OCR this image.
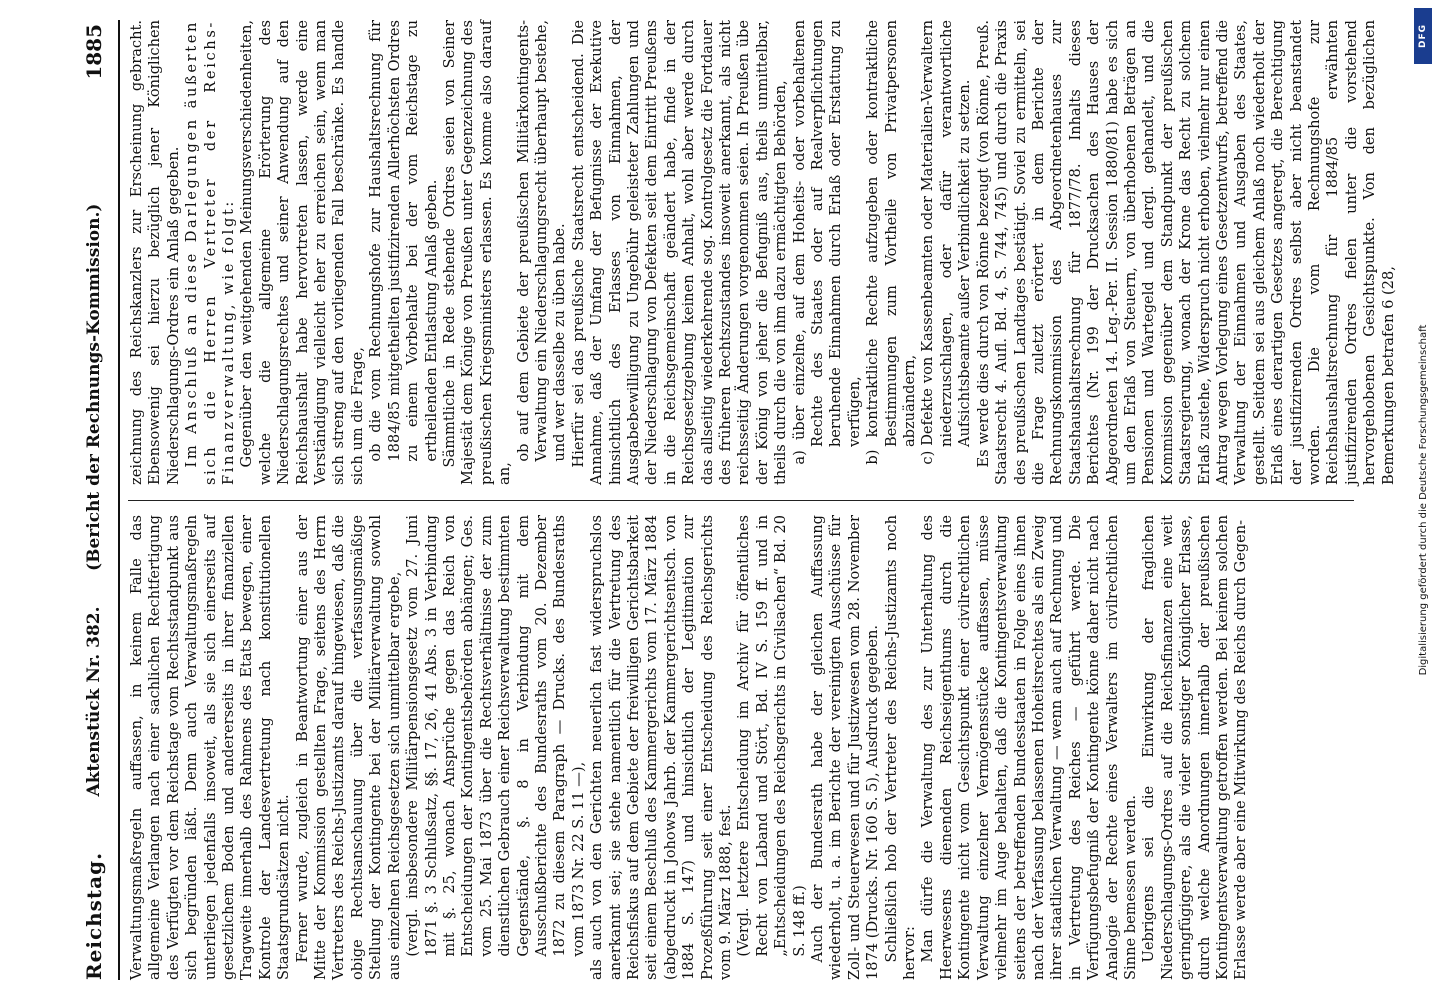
Reichstag.
Aktenstück Nr. 382.      (Bericht der Rechnungs-Kommission.)
1885

Verwaltungsmaßregeln auffassen, in keinem Falle das allgemeine Verlangen nach einer sachlichen Rechtfertigung des Verfügten vor dem Reichstage vom Rechtsstandpunkt aus sich begründen läßt. Denn auch Verwaltungsmaßregeln unterliegen jedenfalls insoweit, als sie sich einerseits auf gesetzlichem Boden und andererseits in ihrer finanziellen Tragweite innerhalb des Rahmens des Etats bewegen, einer Kontrole der Landesvertretung nach konstitutionellen Staatsgrundsätzen nicht. Ferner wurde, zugleich in Beantwortung einer aus der Mitte der Kommission gestellten Frage, seitens des Herrn Vertreters des Reichs-Justizamts darauf hingewiesen, daß die obige Rechtsanschauung über die verfassungsmäßige Stellung der Kontingente bei der Militärverwaltung sowohl aus einzelnen Reichsgesetzen sich unmittelbar ergebe, (vergl. insbesondere Militärpensionsgesetz vom 27. Juni 1871 §. 3 Schlußsatz, §§. 17, 26, 41 Abs. 3 in Verbindung mit §. 25, wonach Ansprüche gegen das Reich von Entscheidungen der Kontingentsbehörden abhängen; Ges. vom 25. Mai 1873 über die Rechtsverhältnisse der zum dienstlichen Gebrauch einer Reichsverwaltung bestimmten Gegenstände, §. 8 in Verbindung mit dem Ausschußberichte des Bundesraths vom 20. Dezember 1872 zu diesem Paragraph — Drucks. des Bundesraths vom 1873 Nr. 22 S. 11 —), als auch von den Gerichten neuerlich fast widerspruchslos anerkannt sei; sie stehe namentlich für die Vertretung des Reichsfiskus auf dem Gebiete der freiwilligen Gerichtsbarkeit seit einem Beschluß des Kammergerichts vom 17. März 1884 (abgedruckt in Johows Jahrb. der Kammergerichtsentsch. von 1884 S. 147) und hinsichtlich der Legitimation zur Prozeßführung seit einer Entscheidung des Reichsgerichts vom 9. März 1888, fest. (Vergl. letztere Entscheidung im Archiv für öffentliches Recht von Laband und Stört, Bd. IV S. 159 ff. und in „Entscheidungen des Reichsgerichts in Civilsachen“ Bd. 20 S. 148 ff.) Auch der Bundesrath habe der gleichen Auffassung wiederholt, u. a. im Berichte der vereinigten Ausschüsse für Zoll- und Steuerwesen und für Justizwesen vom 28. November 1874 (Drucks. Nr. 160 S. 5), Ausdruck gegeben. Schließlich hob der Vertreter des Reichs-Justizamts noch hervor: Man dürfe die Verwaltung des zur Unterhaltung des Heerwesens dienenden Reichseigenthums durch die Kontingente nicht vom Gesichtspunkt einer civilrechtlichen Verwaltung einzelner Vermögensstücke auffassen, müsse vielmehr im Auge behalten, daß die Kontingentsverwaltung seitens der betreffenden Bundesstaaten in Folge eines ihnen nach der Verfassung belassenen Hoheitsrechtes als ein Zweig ihrer staatlichen Verwaltung — wenn auch auf Rechnung und in Vertretung des Reiches — geführt werde. Die Verfügungsbefugniß der Kontingente könne daher nicht nach Analogie der Rechte eines Verwalters im civilrechtlichen Sinne bemessen werden. Uebrigens sei die Einwirkung der fraglichen Niederschlagungs-Ordres auf die Reichsfinanzen eine weit geringfügigere, als die vieler sonstiger Königlicher Erlasse, durch welche Anordnungen innerhalb der preußischen Kontingentsverwaltung getroffen werden. Bei keinem solchen Erlasse werde aber eine Mitwirkung des Reichs durch Gegen-

zeichnung des Reichskanzlers zur Erscheinung gebracht. Ebensowenig sei hierzu bezüglich jener Königlichen Niederschlagungs-Ordres ein Anlaß gegeben. Im Anschluß an diese Darlegungen äußerten sich die Herren Vertreter der Reichs-Finanzverwaltung, wie folgt: Gegenüber den weitgehenden Meinungsverschiedenheiten, welche die allgemeine Erörterung des Niederschlagungsrechtes und seiner Anwendung auf den Reichshaushalt habe hervortreten lassen, werde eine Verständigung vielleicht eher zu erreichen sein, wenn man sich streng auf den vorliegenden Fall beschränke. Es handle sich um die Frage, ob die vom Rechnungshofe zur Haushaltsrechnung für 1884/85 mitgetheilten justifizirenden Allerhöchsten Ordres zu einem Vorbehalte bei der vom Reichstage zu ertheilenden Entlastung Anlaß geben. Sämmtliche in Rede stehende Ordres seien von Seiner Majestät dem Könige von Preußen unter Gegenzeichnung des preußischen Kriegsministers erlassen. Es komme also darauf an,

ob auf dem Gebiete der preußischen Militärkontingents-Verwaltung ein Niederschlagungsrecht überhaupt bestehe, und wer dasselbe zu üben habe. Hierfür sei das preußische Staatsrecht entscheidend. Die Annahme, daß der Umfang der Befugnisse der Exekutive hinsichtlich des Erlasses von Einnahmen, der Ausgabebewilligung zu Ungebühr geleisteter Zahlungen und der Niederschlagung von Defekten seit dem Eintritt Preußens in die Reichsgemeinschaft geändert habe, finde in der Reichsgesetzgebung keinen Anhalt, wohl aber werde durch das allseitig wiederkehrende sog. Kontrolgesetz die Fortdauer des früheren Rechtszustandes insoweit anerkannt, als nicht reichsseitig Änderungen vorgenommen seien. In Preußen übe der König von jeher die Befugniß aus, theils unmittelbar, theils durch die von ihm dazu ermächtigten Behörden, a) über einzelne, auf dem Hoheits- oder vorbehaltenen Rechte des Staates oder auf Realverpflichtungen beruhende Einnahmen durch Erlaß oder Erstattung zu verfügen, b) kontraktliche Rechte aufzugeben oder kontraktliche Bestimmungen zum Vortheile von Privatpersonen abzuändern, c) Defekte von Kassenbeamten oder Materialien-Verwaltern niederzuschlagen, oder dafür verantwortliche Aufsichtsbeamte außer Verbindlichkeit zu setzen. Es werde dies durch von Rönne bezeugt (von Rönne, Preuß. Staatsrecht 4. Aufl. Bd. 4, S. 744, 745) und durch die Praxis des preußischen Landtages bestätigt. Soviel zu ermitteln, sei die Frage zuletzt erörtert in dem Berichte der Rechnungskommission des Abgeordnetenhauses zur Staatshaushaltsrechnung für 1877/78. Inhalts dieses Berichtes (Nr. 199 der Drucksachen des Hauses der Abgeordneten 14. Leg.-Per. II. Session 1880/81) habe es sich um den Erlaß von Steuern, von überhobenen Beträgen an Pensionen und Wartegeld und dergl. gehandelt, und die Kommission gegenüber dem Standpunkt der preußischen Staatsregierung, wonach der Krone das Recht zu solchem Erlaß zustehe, Widerspruch nicht erhoben, vielmehr nur einen Antrag wegen Vorlegung eines Gesetzentwurfs, betreffend die Verwaltung der Einnahmen und Ausgaben des Staates, gestellt. Seitdem sei aus gleichem Anlaß noch wiederholt der Erlaß eines derartigen Gesetzes angeregt, die Berechtigung der justifizirenden Ordres selbst aber nicht beanstandet worden. Die vom Rechnungshofe zur Reichshaushaltsrechnung für 1884/85 erwähnten justifizirenden Ordres fielen unter die vorstehend hervorgehobenen Gesichtspunkte. Von den bezüglichen Bemerkungen betrafen 6 (28,

DFG
Digitalisierung gefördert durch die Deutsche Forschungsgemeinschaft
